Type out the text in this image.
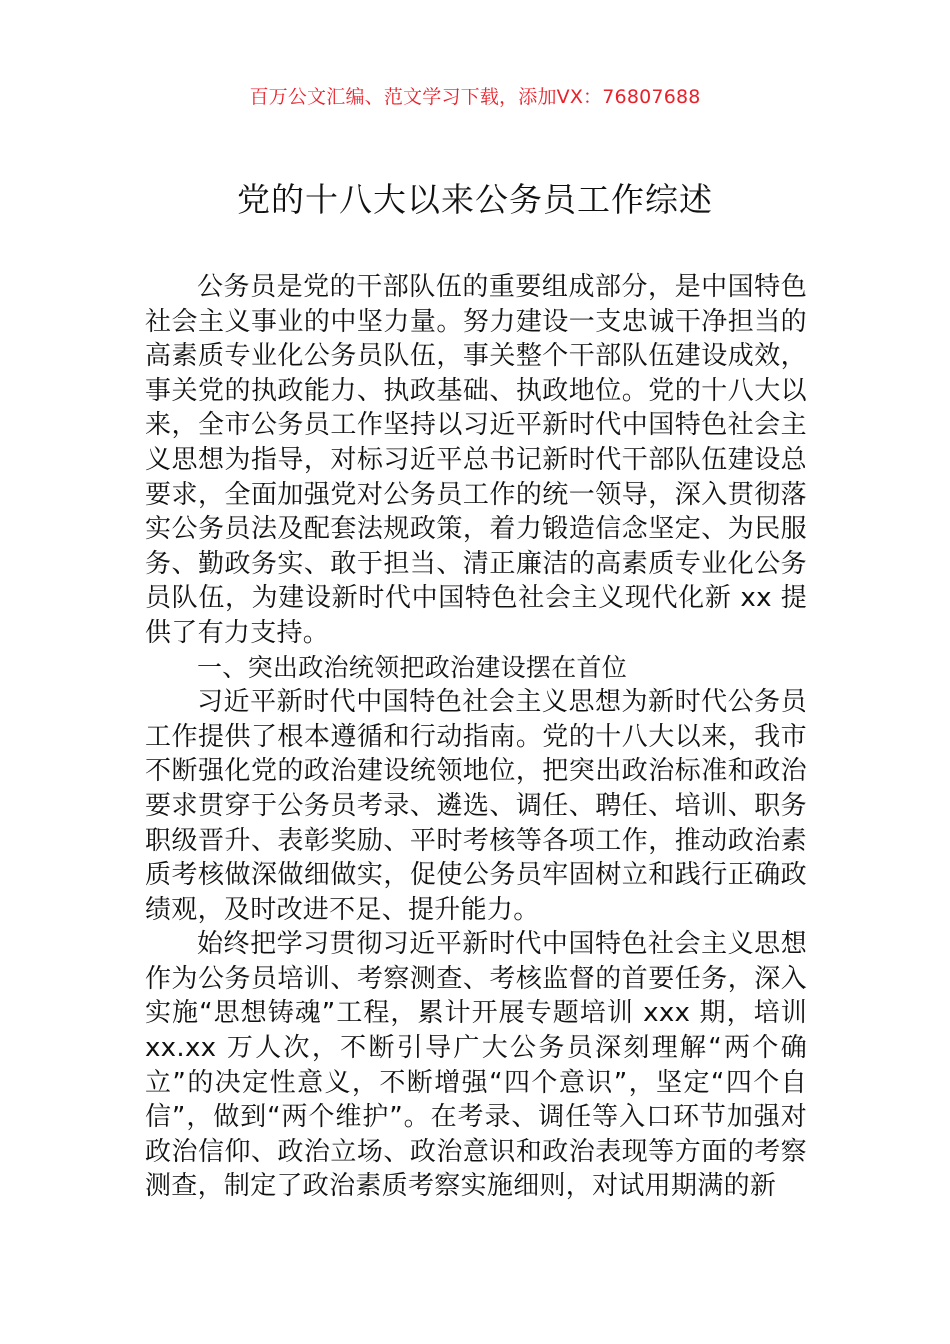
百万公文汇编、范文学习下载，添加VX：76807688
党的十八大以来公务员工作综述

公务员是党的干部队伍的重要组成部分，是中国特色社会主义事业的中坚力量。努力建设一支忠诚干净担当的高素质专业化公务员队伍，事关整个干部队伍建设成效，事关党的执政能力、执政基础、执政地位。党的十八大以来，全市公务员工作坚持以习近平新时代中国特色社会主义思想为指导，对标习近平总书记新时代干部队伍建设总要求，全面加强党对公务员工作的统一领导，深入贯彻落实公务员法及配套法规政策，着力锻造信念坚定、为民服务、勤政务实、敢于担当、清正廉洁的高素质专业化公务员队伍，为建设新时代中国特色社会主义现代化新 xx 提供了有力支持。

一、突出政治统领把政治建设摆在首位

习近平新时代中国特色社会主义思想为新时代公务员工作提供了根本遵循和行动指南。党的十八大以来，我市不断强化党的政治建设统领地位，把突出政治标准和政治要求贯穿于公务员考录、遴选、调任、聘任、培训、职务职级晋升、表彰奖励、平时考核等各项工作，推动政治素质考核做深做细做实，促使公务员牢固树立和践行正确政绩观，及时改进不足、提升能力。

始终把学习贯彻习近平新时代中国特色社会主义思想作为公务员培训、考察测查、考核监督的首要任务，深入实施“思想铸魂”工程，累计开展专题培训 xxx 期，培训 xx.xx 万人次，不断引导广大公务员深刻理解“两个确立”的决定性意义，不断增强“四个意识”，坚定“四个自信”，做到“两个维护”。在考录、调任等入口环节加强对政治信仰、政治立场、政治意识和政治表现等方面的考察测查，制定了政治素质考察实施细则，对试用期满的新
